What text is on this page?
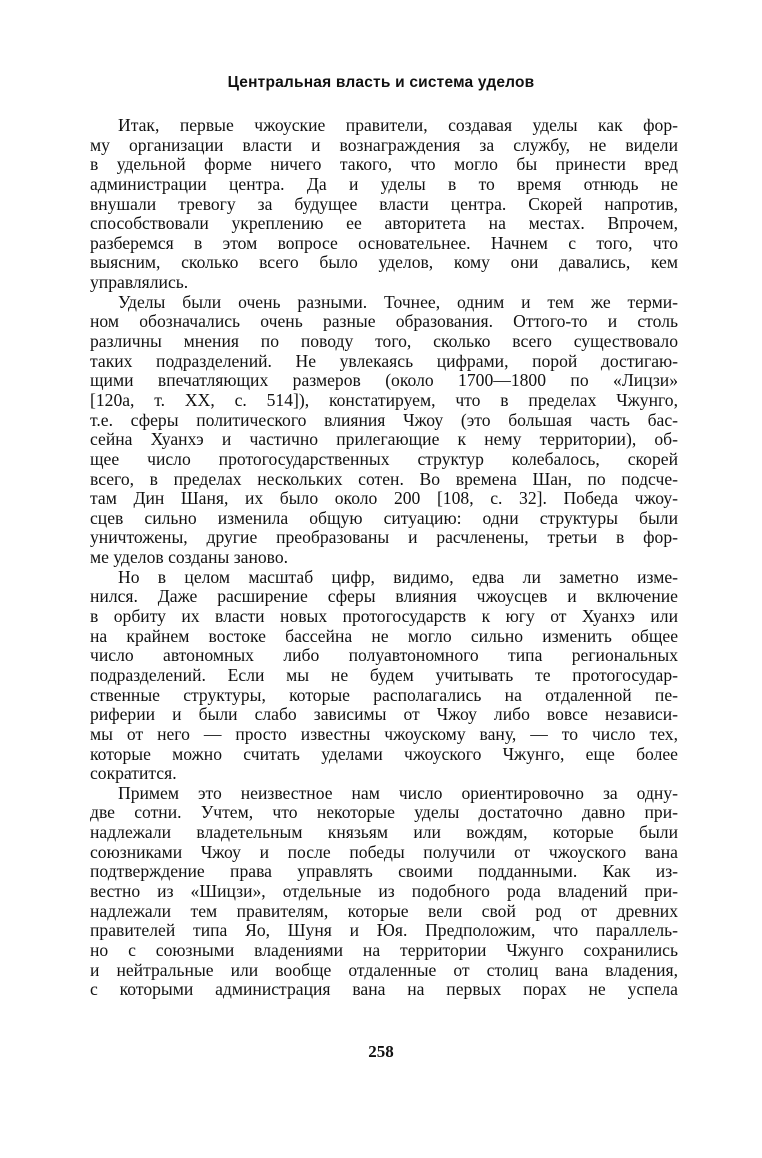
Центральная власть и система уделов
Итак, первые чжоуские правители, создавая уделы как фор-
му организации власти и вознаграждения за службу, не видели
в удельной форме ничего такого, что могло бы принести вред
администрации центра. Да и уделы в то время отнюдь не
внушали тревогу за будущее власти центра. Скорей напротив,
способствовали укреплению ее авторитета на местах. Впрочем,
разберемся в этом вопросе основательнее. Начнем с того, что
выясним, сколько всего было уделов, кому они давались, кем
управлялись.
Уделы были очень разными. Точнее, одним и тем же терми-
ном обозначались очень разные образования. Оттого-то и столь
различны мнения по поводу того, сколько всего существовало
таких подразделений. Не увлекаясь цифрами, порой достигаю-
щими впечатляющих размеров (около 1700—1800 по «Лицзи»
[120а, т. XX, с. 514]), констатируем, что в пределах Чжунго,
т.е. сферы политического влияния Чжоу (это большая часть бас-
сейна Хуанхэ и частично прилегающие к нему территории), об-
щее число протогосударственных структур колебалось, скорей
всего, в пределах нескольких сотен. Во времена Шан, по подсче-
там Дин Шаня, их было около 200 [108, с. 32]. Победа чжоу-
сцев сильно изменила общую ситуацию: одни структуры были
уничтожены, другие преобразованы и расчленены, третьи в фор-
ме уделов созданы заново.
Но в целом масштаб цифр, видимо, едва ли заметно изме-
нился. Даже расширение сферы влияния чжоусцев и включение
в орбиту их власти новых протогосударств к югу от Хуанхэ или
на крайнем востоке бассейна не могло сильно изменить общее
число автономных либо полуавтономного типа региональных
подразделений. Если мы не будем учитывать те протогосудар-
ственные структуры, которые располагались на отдаленной пе-
риферии и были слабо зависимы от Чжоу либо вовсе независи-
мы от него — просто известны чжоускому вану, — то число тех,
которые можно считать уделами чжоуского Чжунго, еще более
сократится.
Примем это неизвестное нам число ориентировочно за одну-
две сотни. Учтем, что некоторые уделы достаточно давно при-
надлежали владетельным князьям или вождям, которые были
союзниками Чжоу и после победы получили от чжоуского вана
подтверждение права управлять своими подданными. Как из-
вестно из «Шицзи», отдельные из подобного рода владений при-
надлежали тем правителям, которые вели свой род от древних
правителей типа Яо, Шуня и Юя. Предположим, что параллель-
но с союзными владениями на территории Чжунго сохранились
и нейтральные или вообще отдаленные от столиц вана владения,
с которыми администрация вана на первых порах не успела
258
